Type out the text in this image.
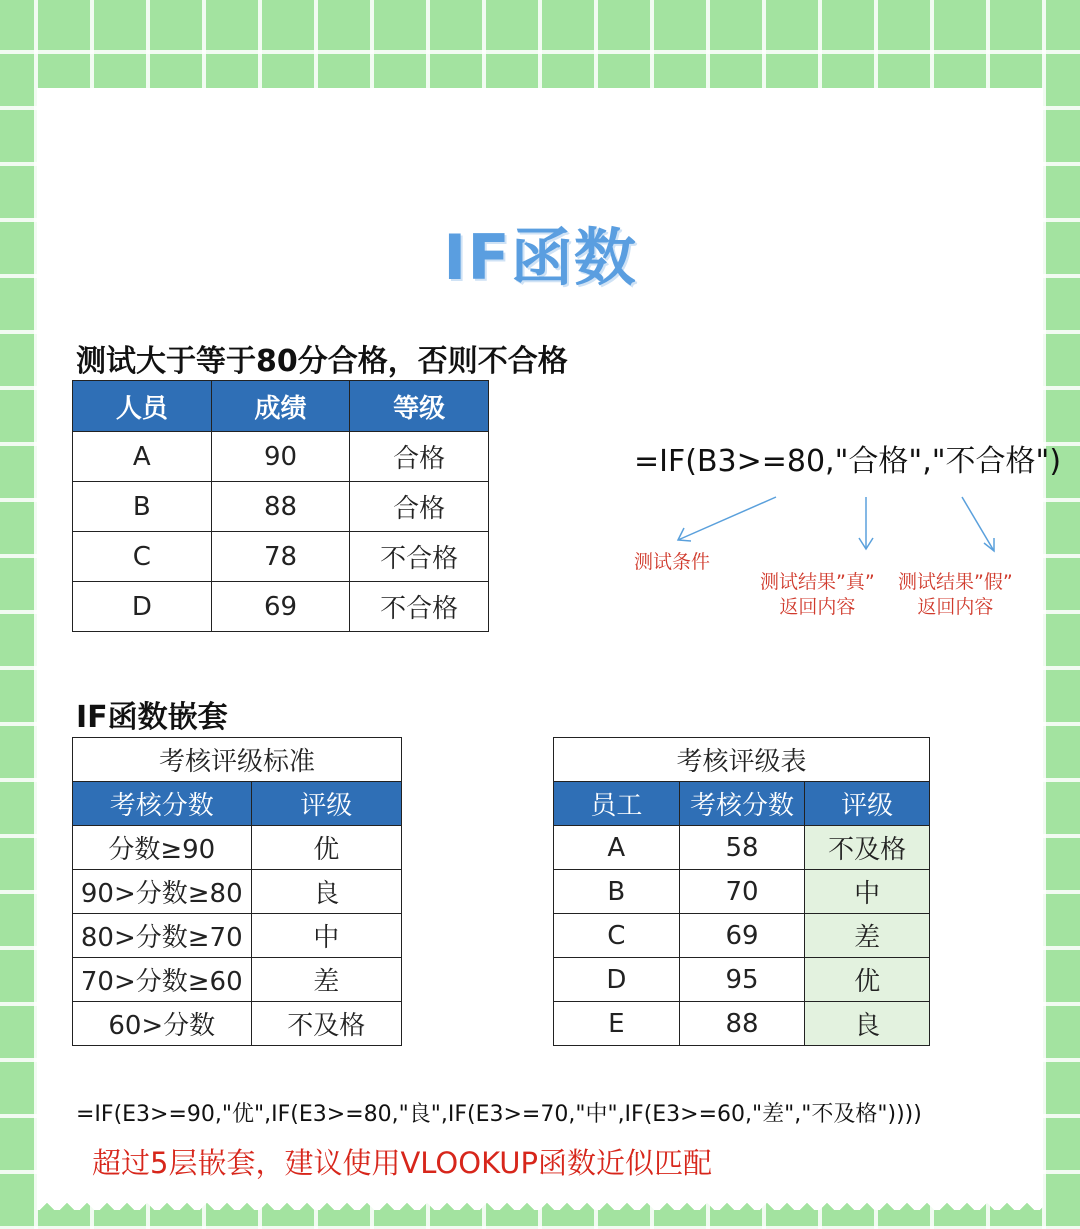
IF函数
测试大于等于80分合格，否则不合格
人员	成绩	等级
A	90	合格
B	88	合格
C	78	不合格
D	69	不合格
=IF(B3>=80,"合格","不合格")
测试条件
测试结果”真”
返回内容
测试结果”假”
返回内容
IF函数嵌套
考核评级标准	
考核分数	评级
分数≥90	优
90>分数≥80	良
80>分数≥70	中
70>分数≥60	差
60>分数	不及格
考核评级表		
员工	考核分数	评级
A	58	不及格
B	70	中
C	69	差
D	95	优
E	88	良
=IF(E3>=90,"优",IF(E3>=80,"良",IF(E3>=70,"中",IF(E3>=60,"差","不及格"))))
超过5层嵌套，建议使用VLOOKUP函数近似匹配
